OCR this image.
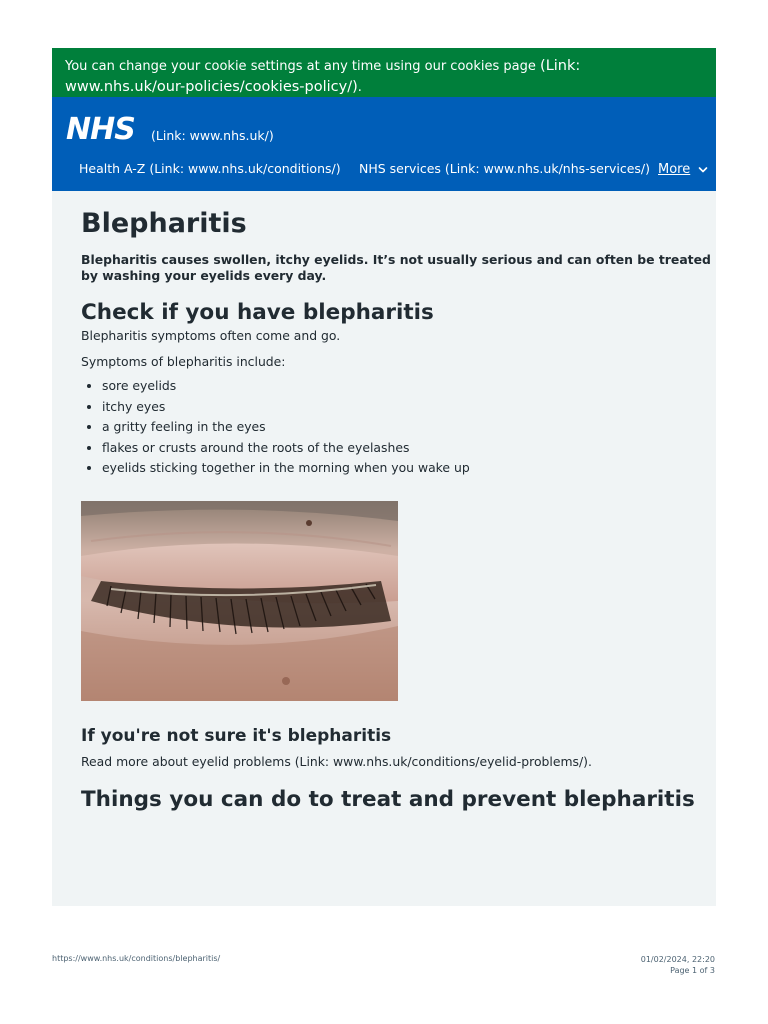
You can change your cookie settings at any time using our cookies page (Link: www.nhs.uk/our-policies/cookies-policy/).
NHS (Link: www.nhs.uk/)
Health A-Z (Link: www.nhs.uk/conditions/) NHS services (Link: www.nhs.uk/nhs-services/) More
Blepharitis

Blepharitis causes swollen, itchy eyelids. It’s not usually serious and can often be treated by washing your eyelids every day.

Check if you have blepharitis

Blepharitis symptoms often come and go.

Symptoms of blepharitis include:

• sore eyelids
• itchy eyes
• a gritty feeling in the eyes
• flakes or crusts around the roots of the eyelashes
• eyelids sticking together in the morning when you wake up
If you're not sure it's blepharitis

Read more about eyelid problems (Link: www.nhs.uk/conditions/eyelid-problems/).

Things you can do to treat and prevent blepharitis
https://www.nhs.uk/conditions/blepharitis/	01/02/2024, 22:20
Page 1 of 3
